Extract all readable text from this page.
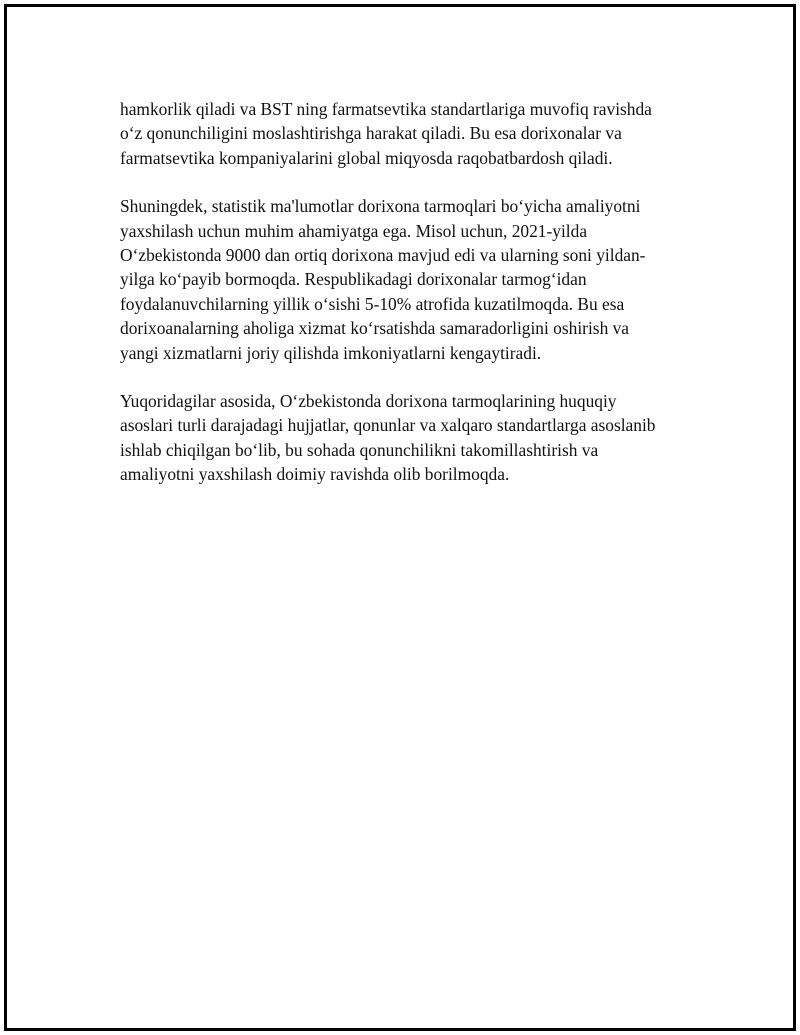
hamkorlik qiladi va BST ning farmatsevtika standartlariga muvofiq ravishda
o‘z qonunchiligini moslashtirishga harakat qiladi. Bu esa dorixonalar va
farmatsevtika kompaniyalarini global miqyosda raqobatbardosh qiladi.

Shuningdek, statistik ma'lumotlar dorixona tarmoqlari bo‘yicha amaliyotni
yaxshilash uchun muhim ahamiyatga ega. Misol uchun, 2021-yilda
O‘zbekistonda 9000 dan ortiq dorixona mavjud edi va ularning soni yildan-
yilga ko‘payib bormoqda. Respublikadagi dorixonalar tarmog‘idan
foydalanuvchilarning yillik o‘sishi 5-10% atrofida kuzatilmoqda. Bu esa
dorixoanalarning aholiga xizmat ko‘rsatishda samaradorligini oshirish va
yangi xizmatlarni joriy qilishda imkoniyatlarni kengaytiradi.

Yuqoridagilar asosida, O‘zbekistonda dorixona tarmoqlarining huquqiy
asoslari turli darajadagi hujjatlar, qonunlar va xalqaro standartlarga asoslanib
ishlab chiqilgan bo‘lib, bu sohada qonunchilikni takomillashtirish va
amaliyotni yaxshilash doimiy ravishda olib borilmoqda.
